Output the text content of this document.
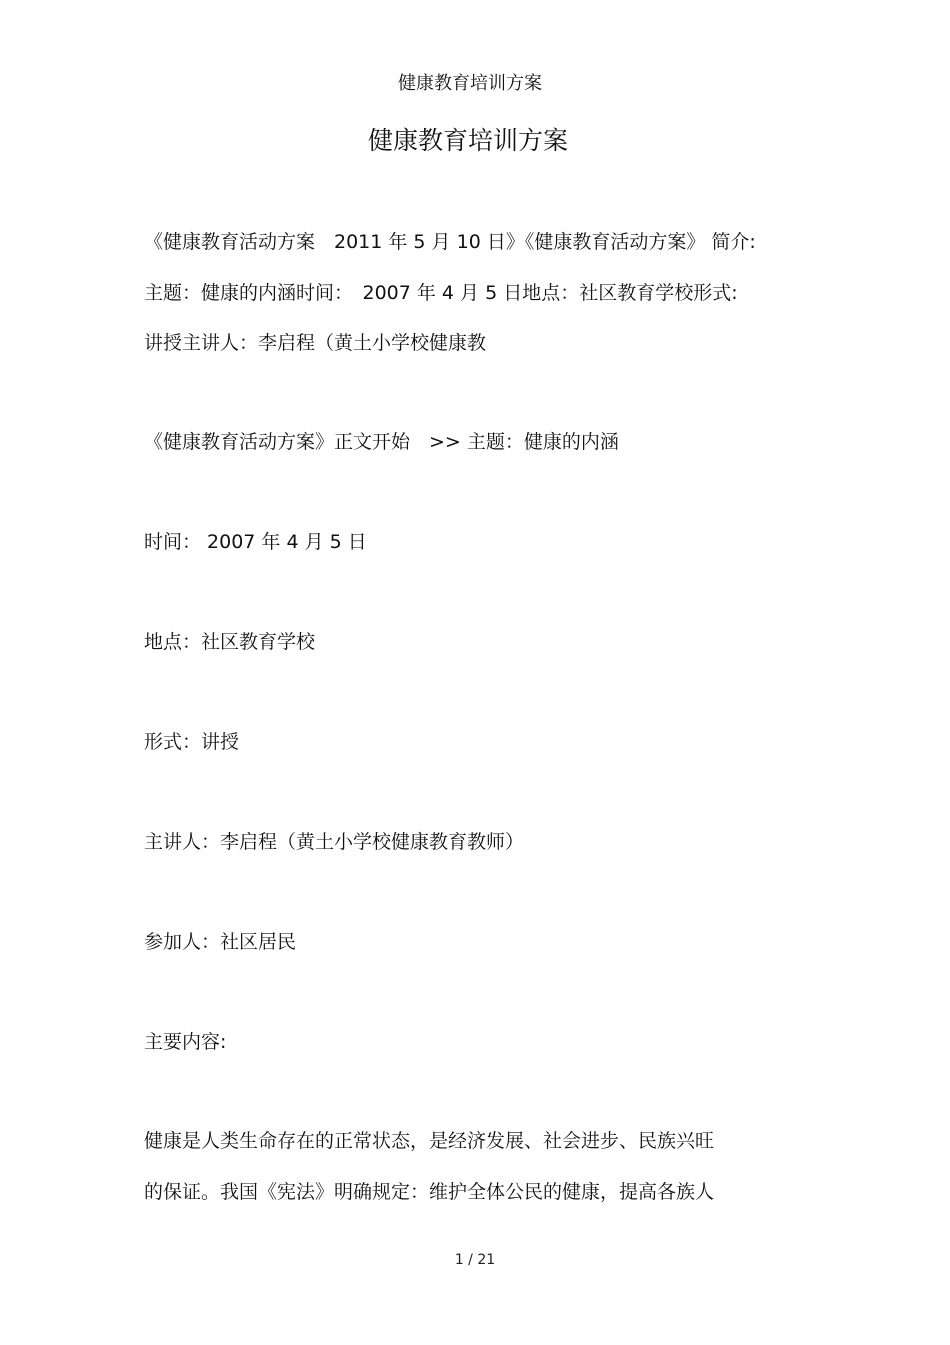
健康教育培训方案
健康教育培训方案
《健康教育活动方案　2011 年 5 月 10 日》《健康教育活动方案》 简介:
主题：健康的内涵时间：　2007 年 4 月 5 日地点：社区教育学校形式:
讲授主讲人：李启程（黄土小学校健康教
《健康教育活动方案》正文开始　>> 主题：健康的内涵
时间： 2007 年 4 月 5 日
地点：社区教育学校
形式：讲授
主讲人：李启程（黄土小学校健康教育教师）
参加人：社区居民
主要内容:
健康是人类生命存在的正常状态，是经济发展、社会进步、民族兴旺
的保证。我国《宪法》明确规定：维护全体公民的健康，提高各族人
1 / 21
